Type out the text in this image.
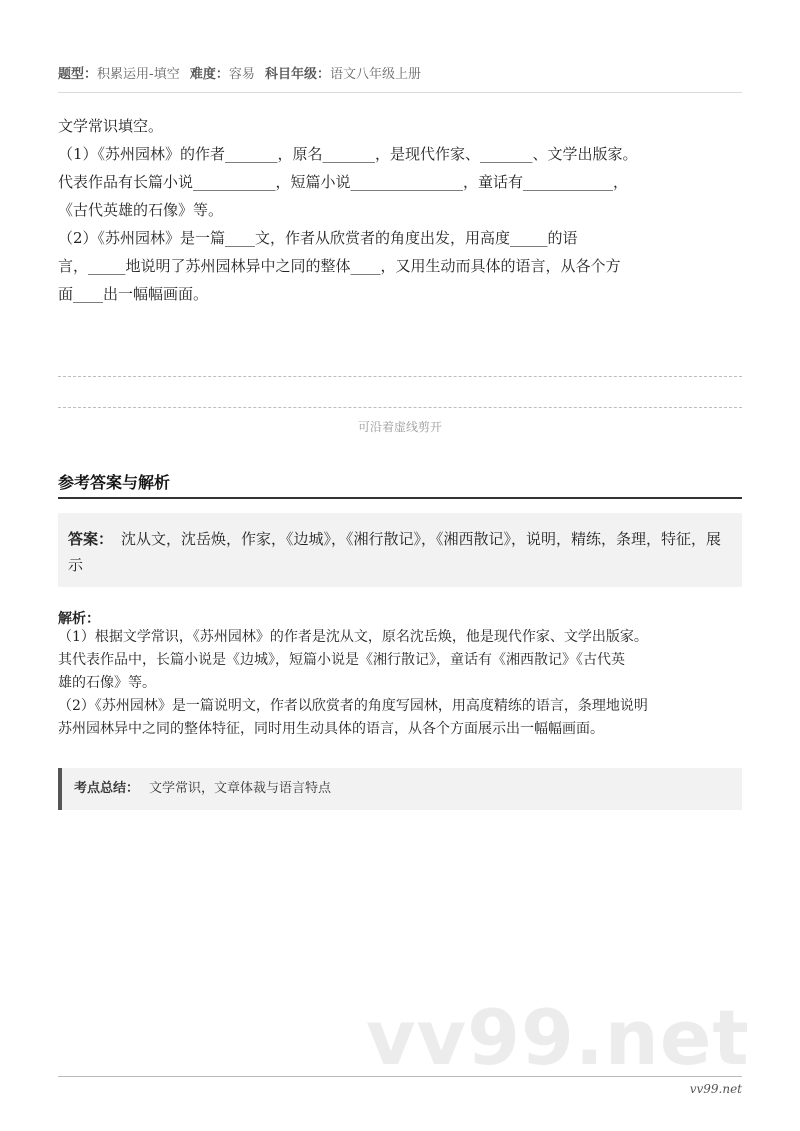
题型：积累运用-填空 难度：容易 科目年级：语文八年级上册

文学常识填空。

（1）《苏州园林》的作者_______，原名_______，是现代作家、_______、文学出版家。

代表作品有长篇小说___________，短篇小说_______________，童话有____________，

《古代英雄的石像》等。

（2）《苏州园林》是一篇____文，作者从欣赏者的角度出发，用高度_____的语

言，_____地说明了苏州园林异中之同的整体____，又用生动而具体的语言，从各个方

面____出一幅幅画面。

可沿着虚线剪开
参考答案与解析
答案： 沈从文，沈岳焕，作家，《边城》，《湘行散记》，《湘西散记》，说明，精练，条理，特征，展示
解析：

（1）根据文学常识，《苏州园林》的作者是沈从文，原名沈岳焕，他是现代作家、文学出版家。

其代表作品中，长篇小说是《边城》，短篇小说是《湘行散记》，童话有《湘西散记》《古代英

雄的石像》等。

（2）《苏州园林》是一篇说明文，作者以欣赏者的角度写园林，用高度精练的语言，条理地说明

苏州园林异中之同的整体特征，同时用生动具体的语言，从各个方面展示出一幅幅画面。

考点总结： 文学常识，文章体裁与语言特点
vv99.net
vv99.net
